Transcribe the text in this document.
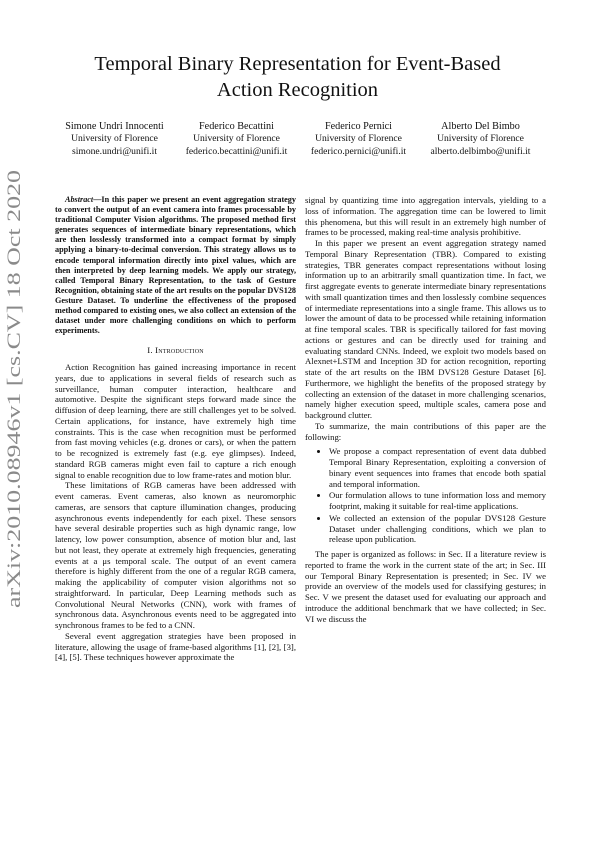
arXiv:2010.08946v1 [cs.CV] 18 Oct 2020
Temporal Binary Representation for Event-Based
Action Recognition
Simone Undri Innocenti
University of Florence
simone.undri@unifi.it
Federico Becattini
University of Florence
federico.becattini@unifi.it
Federico Pernici
University of Florence
federico.pernici@unifi.it
Alberto Del Bimbo
University of Florence
alberto.delbimbo@unifi.it

Abstract—In this paper we present an event aggregation strategy to convert the output of an event camera into frames processable by traditional Computer Vision algorithms. The proposed method first generates sequences of intermediate binary representations, which are then losslessly transformed into a compact format by simply applying a binary-to-decimal conversion. This strategy allows us to encode temporal information directly into pixel values, which are then interpreted by deep learning models. We apply our strategy, called Temporal Binary Representation, to the task of Gesture Recognition, obtaining state of the art results on the popular DVS128 Gesture Dataset. To underline the effectiveness of the proposed method compared to existing ones, we also collect an extension of the dataset under more challenging conditions on which to perform experiments.

I. Introduction

Action Recognition has gained increasing importance in recent years, due to applications in several fields of research such as surveillance, human computer interaction, healthcare and automotive. Despite the significant steps forward made since the diffusion of deep learning, there are still challenges yet to be solved. Certain applications, for instance, have extremely high time constraints. This is the case when recognition must be performed from fast moving vehicles (e.g. drones or cars), or when the pattern to be recognized is extremely fast (e.g. eye glimpses). Indeed, standard RGB cameras might even fail to capture a rich enough signal to enable recognition due to low frame-rates and motion blur.

These limitations of RGB cameras have been addressed with event cameras. Event cameras, also known as neuromorphic cameras, are sensors that capture illumination changes, producing asynchronous events independently for each pixel. These sensors have several desirable properties such as high dynamic range, low latency, low power consumption, absence of motion blur and, last but not least, they operate at extremely high frequencies, generating events at a μs temporal scale. The output of an event camera therefore is highly different from the one of a regular RGB camera, making the applicability of computer vision algorithms not so straightforward. In particular, Deep Learning methods such as Convolutional Neural Networks (CNN), work with frames of synchronous data. Asynchronous events need to be aggregated into synchronous frames to be fed to a CNN.

Several event aggregation strategies have been proposed in literature, allowing the usage of frame-based algorithms [1], [2], [3], [4], [5]. These techniques however approximate the

signal by quantizing time into aggregation intervals, yielding to a loss of information. The aggregation time can be lowered to limit this phenomena, but this will result in an extremely high number of frames to be processed, making real-time analysis prohibitive.

In this paper we present an event aggregation strategy named Temporal Binary Representation (TBR). Compared to existing strategies, TBR generates compact representations without losing information up to an arbitrarily small quantization time. In fact, we first aggregate events to generate intermediate binary representations with small quantization times and then losslessly combine sequences of intermediate representations into a single frame. This allows us to lower the amount of data to be processed while retaining information at fine temporal scales. TBR is specifically tailored for fast moving actions or gestures and can be directly used for training and evaluating standard CNNs. Indeed, we exploit two models based on Alexnet+LSTM and Inception 3D for action recognition, reporting state of the art results on the IBM DVS128 Gesture Dataset [6]. Furthermore, we highlight the benefits of the proposed strategy by collecting an extension of the dataset in more challenging scenarios, namely higher execution speed, multiple scales, camera pose and background clutter.

To summarize, the main contributions of this paper are the following:

• We propose a compact representation of event data dubbed Temporal Binary Representation, exploiting a conversion of binary event sequences into frames that encode both spatial and temporal information.
• Our formulation allows to tune information loss and memory footprint, making it suitable for real-time applications.
• We collected an extension of the popular DVS128 Gesture Dataset under challenging conditions, which we plan to release upon publication.

The paper is organized as follows: in Sec. II a literature review is reported to frame the work in the current state of the art; in Sec. III our Temporal Binary Representation is presented; in Sec. IV we provide an overview of the models used for classifying gestures; in Sec. V we present the dataset used for evaluating our approach and introduce the additional benchmark that we have collected; in Sec. VI we discuss the
